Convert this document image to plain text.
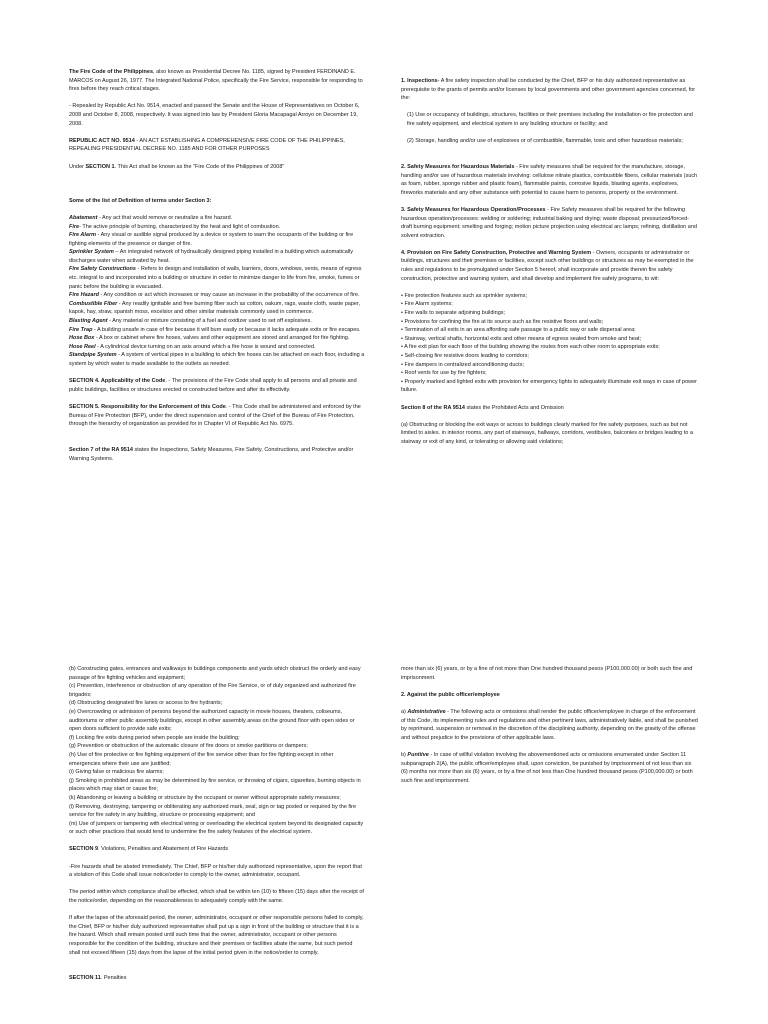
The Fire Code of the Philippines, also known as Presidential Decree No. 1185, signed by President FERDINAND E. MARCOS on August 26, 1977. The Integrated National Police, specifically the Fire Service, responsible for responding to fires before they reach critical stages.

- Repealed by Republic Act No. 9514, enacted and passed the Senate and the House of Representatives on October 6, 2008 and October 8, 2008, respectively. It was signed into law by President Gloria Macapagal Arroyo on December 19, 2008.

REPUBLIC ACT NO. 9514 - AN ACT ESTABLISHING A COMPREHENSIVE FIRE CODE OF THE PHILIPPINES, REPEALING PRESIDENTIAL DECREE NO. 1185 AND FOR OTHER PURPOSES

Under SECTION 1. This Act shall be known as the "Fire Code of the Philippines of 2008"

Some of the list of Definition of terms under Section 3:

Abatement - Any act that would remove or neutralize a fire hazard.

Fire- The active principle of burning, characterized by the heat and light of combustion.

Fire Alarm - Any visual or audible signal produced by a device or system to warn the occupants of the building or fire fighting elements of the presence or danger of fire.

Sprinkler System – An integrated network of hydraulically designed piping installed in a building which automatically discharges water when activated by heat.

Fire Safety Constructions - Refers to design and installation of walls, barriers, doors, windows, vents, means of egress etc. integral to and incorporated into a building or structure in order to minimize danger to life from fire, smoke, fumes or panic before the building is evacuated.

Fire Hazard - Any condition or act which increases or may cause an increase in the probability of the occurrence of fire.

Combustible Fiber - Any readily ignitable and free burning fiber such as cotton, oakum, rags, waste cloth, waste paper, kapok, hay, straw, spanish moss, excelsior and other similar materials commonly used in commerce.

Blasting Agent - Any material or mixture consisting of a fuel and oxidizer used to set off explosives.

Fire Trap - A building unsafe in case of fire because it will burn easily or because it lacks adequate exits or fire escapes.

Hose Box - A box or cabinet where fire hoses, valves and other equipment are stored and arranged for fire fighting.

Hose Reel - A cylindrical device turning on an axis around which a fire hose is wound and connected.

Standpipe System - A system of vertical pipes in a building to which fire hoses can be attached on each floor, including a system by which water is made available to the outlets as needed.

SECTION 4. Applicability of the Code. - The provisions of the Fire Code shall apply to all persons and all private and public buildings, facilities or structures erected or constructed before and after its effectivity.

SECTION 5. Responsibility for the Enforcement of this Code. - This Code shall be administered and enforced by the Bureau of Fire Protection (BFP), under the direct supervision and control of the Chief of the Bureau of Fire Protection, through the hierarchy of organization as provided for in Chapter VI of Republic Act No. 6975.

Section 7 of the RA 9514 states the Inspections, Safety Measures, Fire Safety, Constructions, and Protective and/or Warning Systems.

1. Inspections- A fire safety inspection shall be conducted by the Chief, BFP or his duly authorized representative as prerequisite to the grants of permits and/or licenses by local governments and other government agencies concerned, for the:

(1) Use or occupancy of buildings, structures, facilities or their premises including the installation or fire protection and fire safety equipment, and electrical system in any building structure or facility; and

(2) Storage, handling and/or use of explosives or of combustible, flammable, toxic and other hazardous materials;

2. Safety Measures for Hazardous Materials - Fire safety measures shall be required for the manufacture, storage, handling and/or use of hazardous materials involving: cellulose nitrate plastics, combustible fibers, cellular materials (such as foam, rubber, sponge rubber and plastic foam), flammable paints, corrosive liquids, blasting agents, explosives, fireworks materials and any other substance with potential to cause harm to persons, property or the environment.

3. Safety Measures for Hazardous Operation/Processes - Fire Safety measures shall be required for the following hazardous operation/processes: welding or soldering; industrial baking and drying; waste disposal; pressurized/forced-draft burning equipment; smelting and forging; motion picture projection using electrical arc lamps; refining, distillation and solvent extraction.

4. Provision on Fire Safety Construction, Protective and Warning System - Owners, occupants or administrator or buildings, structures and their premises or facilities, except such other buildings or structures as may be exempted in the rules and regulations to be promulgated under Section 5 hereof, shall incorporate and provide therein fire safety construction, protective and warning system, and shall develop and implement fire safety programs, to wit:

• Fire protection features such as sprinkler systems;

• Fire Alarm systems;

• Fire walls to separate adjoining buildings;

• Provisions for confining the fire at its source such as fire resistive floors and walls;

• Termination of all exits in an area affording safe passage to a public way or safe dispersal area;

• Stairway, vertical shafts, horizontal exits and other means of egress sealed from smoke and heat;

• A fire exit plan for each floor of the building showing the routes from each other room to appropriate exits;

• Self-closing fire resistive doors leading to corridors;

• Fire dampers in centralized airconditioning ducts;

• Roof vents for use by fire fighters;

• Properly marked and lighted exits with provision for emergency lights to adequately illuminate exit ways in case of power failure.

Section 8 of the RA 9514 states the Prohibited Acts and Omission

(a) Obstructing or blocking the exit ways or across to buildings clearly marked for fire safety purposes, such as but not limited to aisles. in interior rooms, any part of stairways, hallways, corridors, vestibules, balconies or bridges leading to a stairway or exit of any kind, or tolerating or allowing said violations;

(b) Constructing gates, entrances and walkways to buildings components and yards which obstruct the orderly and easy passage of fire fighting vehicles and equipment;

(c) Prevention, interference or obstruction of any operation of the Fire Service, or of duly organized and authorized fire brigades;

(d) Obstructing designated fire lanes or access to fire hydrants;

(e) Overcrowding or admission of persons beyond the authorized capacity in movie houses, theaters, coliseums, auditoriums or other public assembly buildings, except in other assembly areas on the ground floor with open sides or open doors sufficient to provide safe exits;

(f) Locking fire exits during period when people are inside the building;

(g) Prevention or obstruction of the automatic closure of fire doors or smoke partitions or dampers;

(h) Use of fire protective or fire fighting equipment of the fire service other than for fire fighting except in other emergencies where their use are justified;

(i) Giving false or malicious fire alarms;

(j) Smoking in prohibited areas as may be determined by fire service, or throwing of cigars, cigarettes, burning objects in places which may start or cause fire;

(k) Abandoning or leaving a building or structure by the occupant or owner without appropriate safety measures;

(l) Removing, destroying, tampering or obliterating any authorized mark, seal, sign or tag posted or required by the fire service for fire safety in any building, structure or processing equipment; and

(m) Use of jumpers or tampering with electrical wiring or overloading the electrical system beyond its designated capacity or such other practices that would tend to undermine the fire safety features of the electrical system.

SECTION 9. Violations, Penalties and Abatement of Fire Hazards

-Fire hazards shall be abated immediately. The Chief, BFP or his/her duly authorized representative, upon the report that a violation of this Code shall issue notice/order to comply to the owner, administrator, occupant.

The period within which compliance shall be effected, which shall be within ten (10) to fifteen (15) days after the receipt of the notice/order, depending on the reasonableness to adequately comply with the same.

If after the lapse of the aforesaid period, the owner, administrator, occupant or other responsible persons failed to comply, the Chief, BFP or his/her duly authorized representative shall put up a sign in front of the building or structure that it is a fire hazard. Which shall remain posted until such time that the owner, administrator, occupant or other persons responsible for the condition of the building, structure and their premises or facilities abate the same, but such period shall not exceed fifteen (15) days from the lapse of the initial period given in the notice/order to comply.

SECTION 11. Penalties

more than six (6) years, or by a fine of not more than One hundred thousand pesos (P100,000.00) or both such fine and imprisonment.

2. Against the public officer/employee

a) Administrative - The following acts or omissions shall render the public officer/employee in charge of the enforcement of this Code, its implementing rules and regulations and other pertinent laws, administratively liable, and shall be punished by reprimand, suspension or removal in the discretion of the disciplining authority, depending on the gravity of the offense and without prejudice to the provisions of other applicable laws.

b) Punitive - In case of willful violation involving the abovementioned acts or omissions enumerated under Section 11 subparagraph 2(A), the public officer/employee shall, upon conviction, be punished by imprisonment of not less than six (6) months nor more than six (6) years, or by a fine of not less than One hundred thousand pesos (P100,000.00) or both such fine and imprisonment.
